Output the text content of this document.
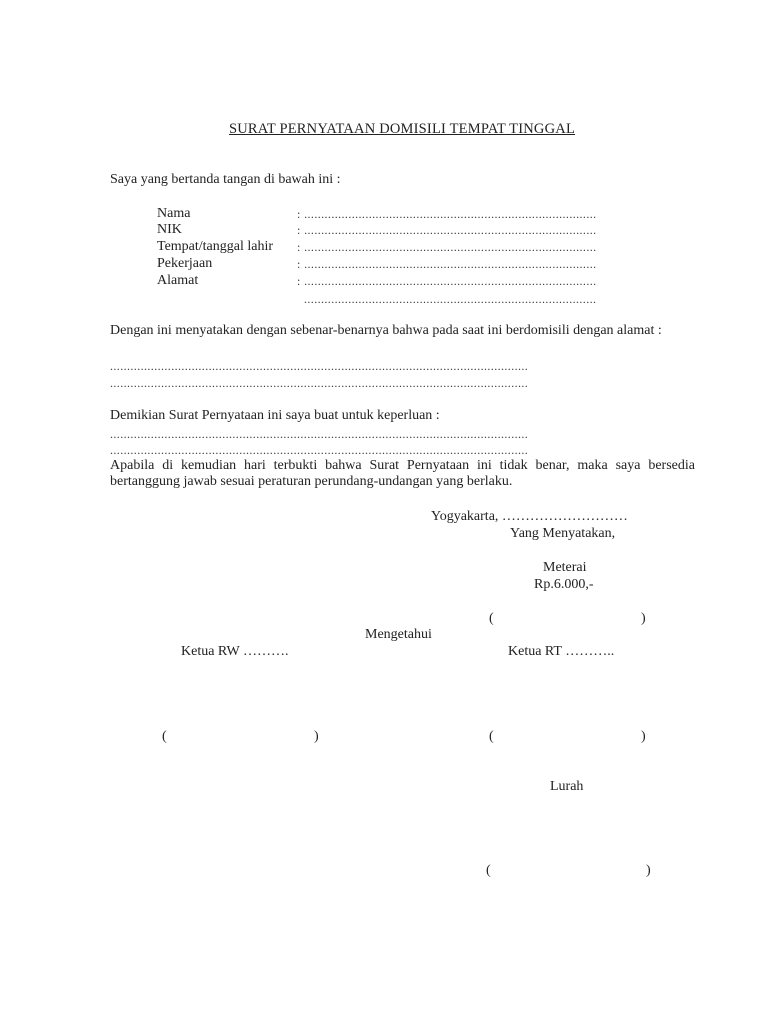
SURAT PERNYATAAN DOMISILI TEMPAT TINGGAL
Saya yang bertanda tangan di bawah ini :
Nama	: ......................................................................................
NIK	: ......................................................................................
Tempat/tanggal lahir : ......................................................................................
Pekerjaan	: ......................................................................................
Alamat	: ......................................................................................
......................................................................................
Dengan ini menyatakan dengan sebenar-benarnya bahwa pada saat ini berdomisili dengan alamat :
...........................................................................................................................
...........................................................................................................................
Demikian Surat Pernyataan ini saya buat untuk keperluan :
...........................................................................................................................
...........................................................................................................................
Apabila di kemudian hari terbukti bahwa Surat Pernyataan ini tidak benar, maka saya bersedia bertanggung jawab sesuai peraturan perundang-undangan yang berlaku.
Yogyakarta, ………………………
Yang Menyatakan,
Meterai
Rp.6.000,-
(	)
Mengetahui
Ketua RW ……….	Ketua RT ………..
(	)	(	)
Lurah
(	)
